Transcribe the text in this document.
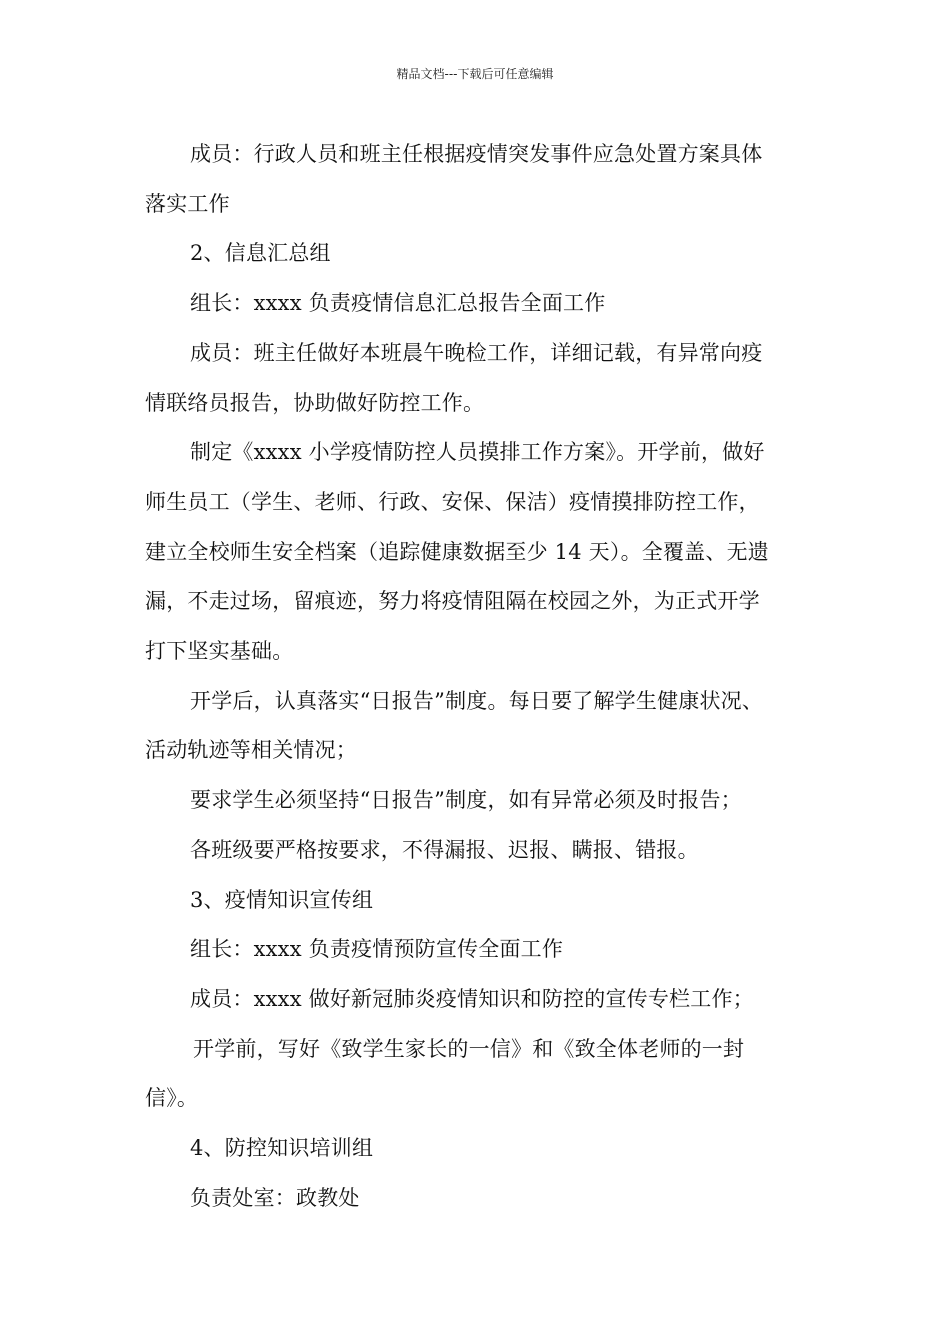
精品文档---下载后可任意编辑

成员：行政人员和班主任根据疫情突发事件应急处置方案具体

落实工作

2、信息汇总组

组长：xxxx 负责疫情信息汇总报告全面工作

成员：班主任做好本班晨午晚检工作，详细记载，有异常向疫

情联络员报告，协助做好防控工作。

制定《xxxx 小学疫情防控人员摸排工作方案》。开学前，做好

师生员工（学生、老师、行政、安保、保洁）疫情摸排防控工作，

建立全校师生安全档案（追踪健康数据至少 14 天）。全覆盖、无遗

漏，不走过场，留痕迹，努力将疫情阻隔在校园之外，为正式开学

打下坚实基础。

开学后，认真落实“日报告”制度。每日要了解学生健康状况、

活动轨迹等相关情况；

要求学生必须坚持“日报告”制度，如有异常必须及时报告；

各班级要严格按要求，不得漏报、迟报、瞒报、错报。

3、疫情知识宣传组

组长：xxxx 负责疫情预防宣传全面工作

成员：xxxx 做好新冠肺炎疫情知识和防控的宣传专栏工作；

开学前，写好《致学生家长的一信》和《致全体老师的一封

信》。

4、防控知识培训组

负责处室：政教处
